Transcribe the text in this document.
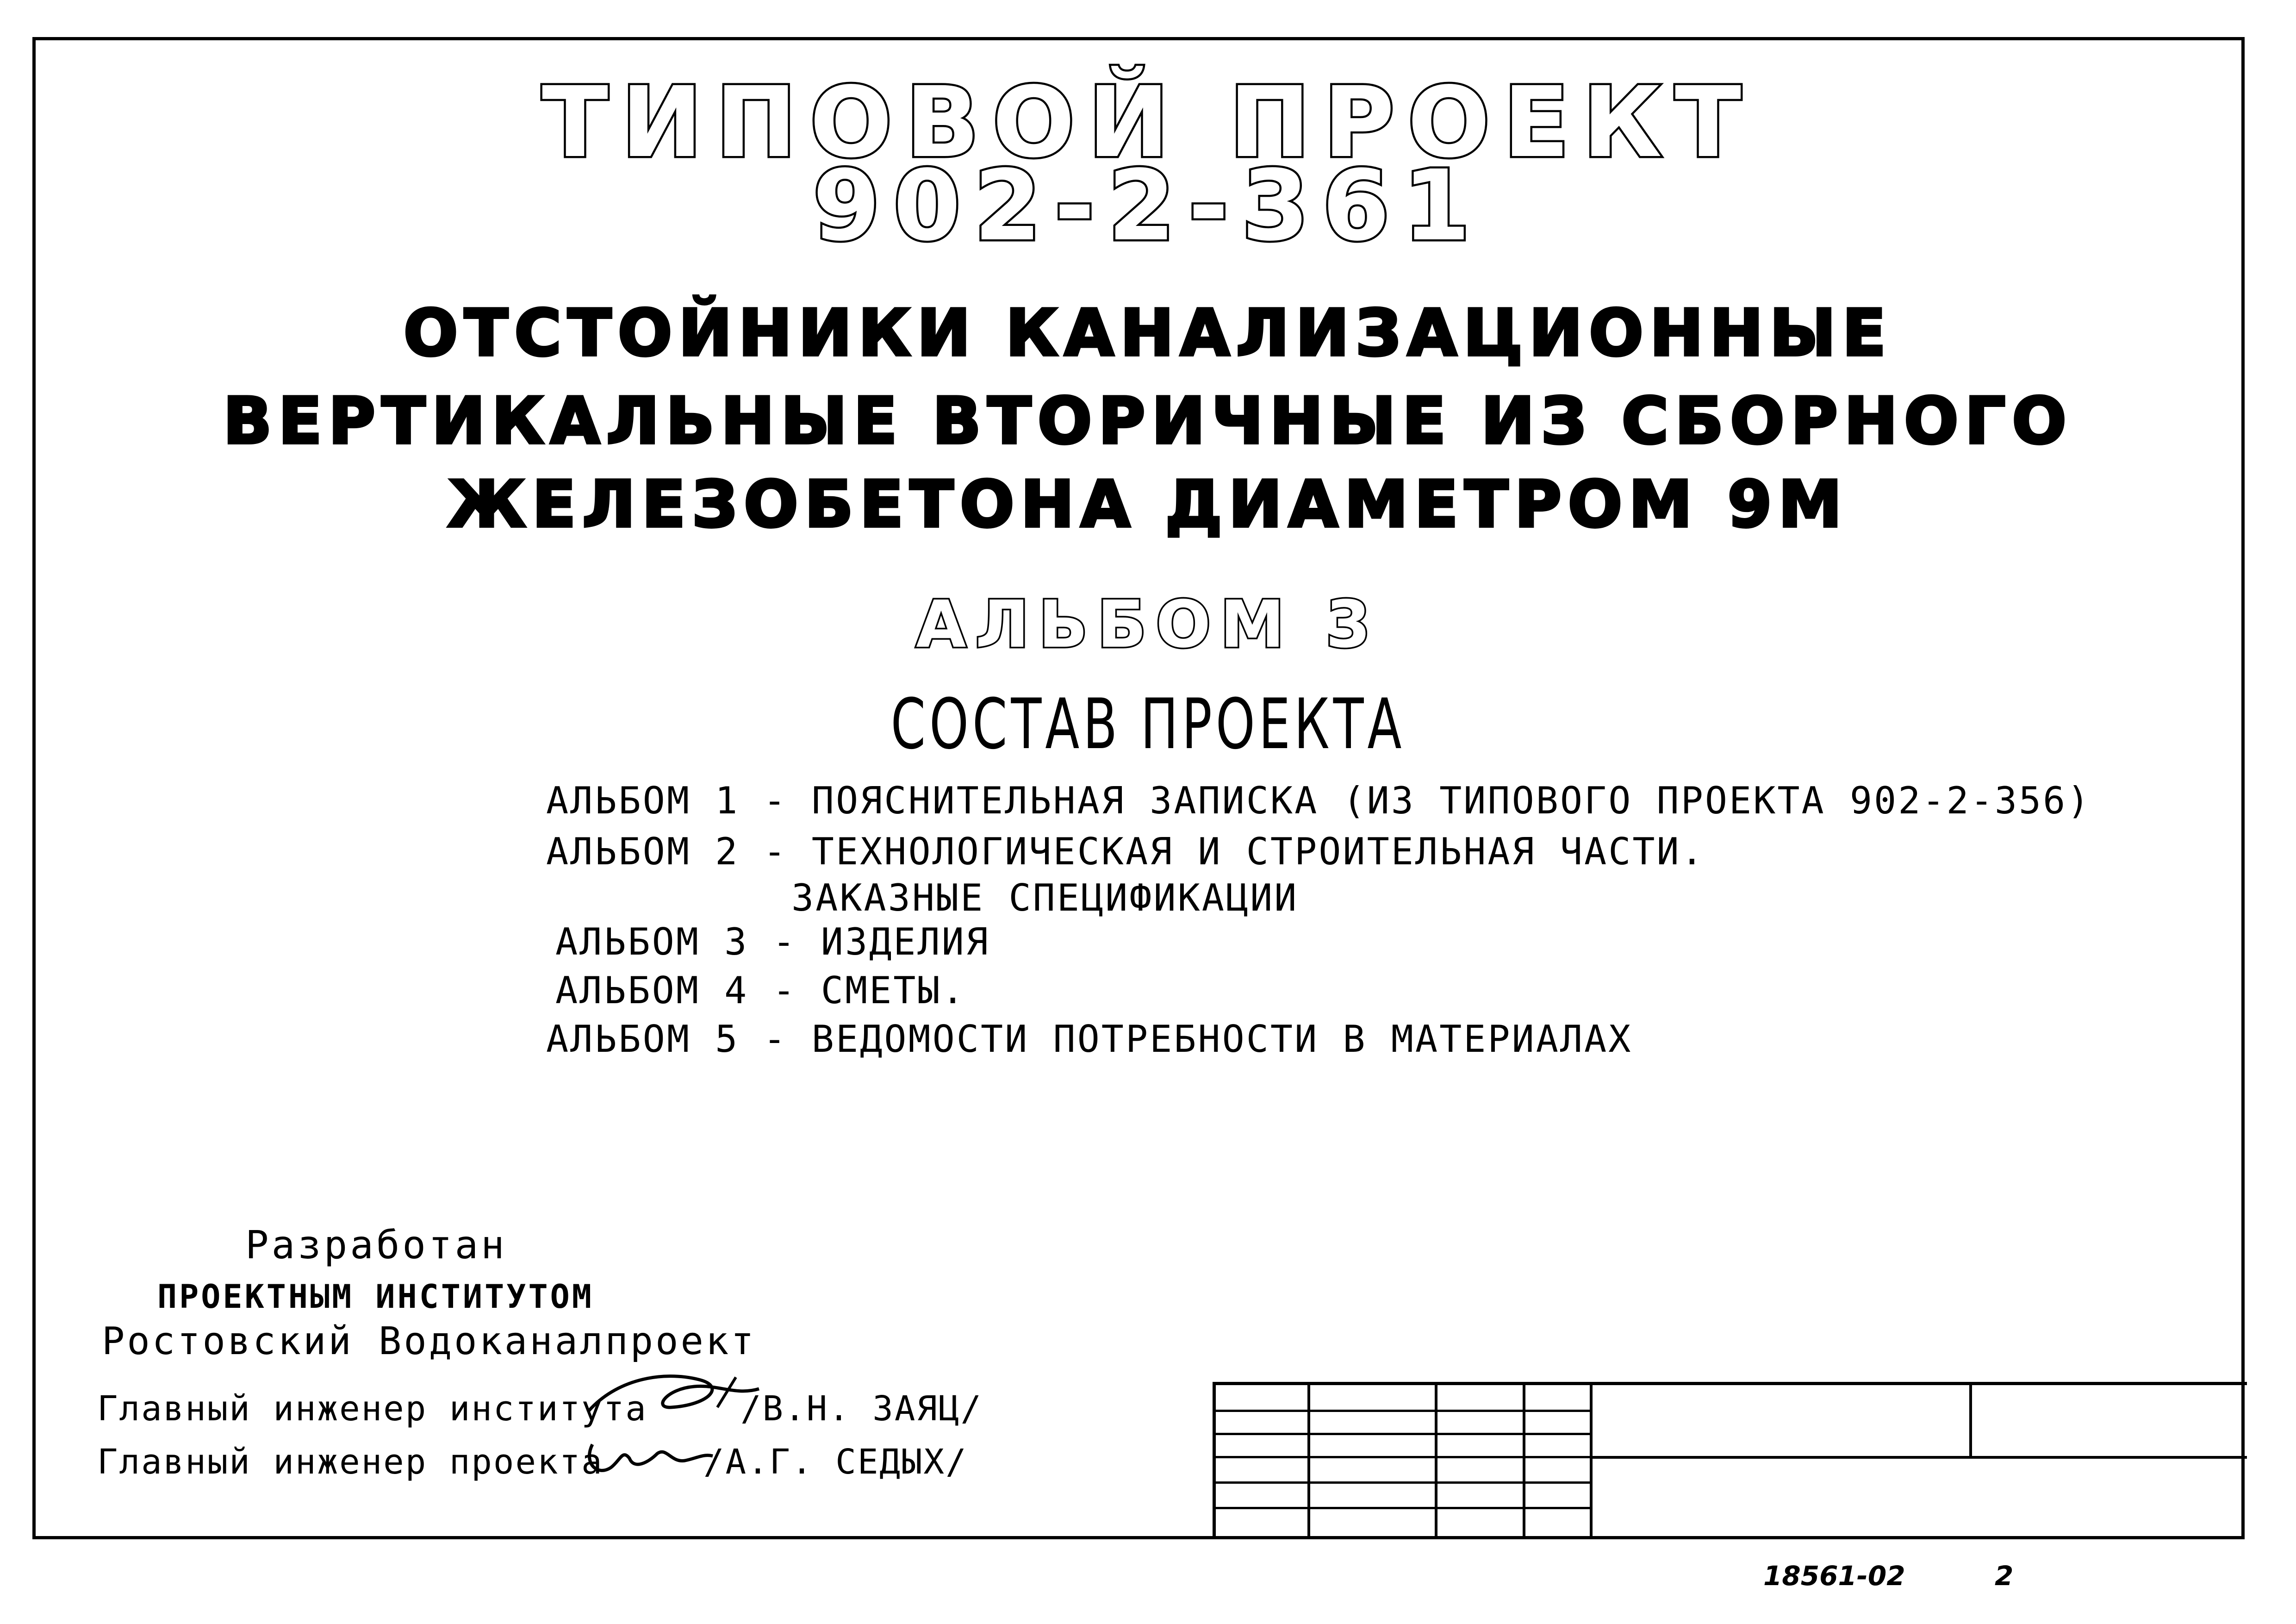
ТИПОВОЙ ПРОЕКТ
902-2-361
ОТСТОЙНИКИ КАНАЛИЗАЦИОННЫЕ
ВЕРТИКАЛЬНЫЕ ВТОРИЧНЫЕ ИЗ СБОРНОГО
ЖЕЛЕЗОБЕТОНА ДИАМЕТРОМ 9М
АЛЬБОМ 3
СОСТАВ ПРОЕКТА
АЛЬБОМ 1 - ПОЯСНИТЕЛЬНАЯ ЗАПИСКА (ИЗ ТИПОВОГО ПРОЕКТА 902-2-356)
АЛЬБОМ 2 - ТЕХНОЛОГИЧЕСКАЯ И СТРОИТЕЛЬНАЯ ЧАСТИ.
ЗАКАЗНЫЕ СПЕЦИФИКАЦИИ
АЛЬБОМ 3 - ИЗДЕЛИЯ
АЛЬБОМ 4 - СМЕТЫ.
АЛЬБОМ 5 - ВЕДОМОСТИ ПОТРЕБНОСТИ В МАТЕРИАЛАХ
Разработан
ПРОЕКТНЫМ ИНСТИТУТОМ
Ростовский Водоканалпроект
Главный инженер института	/В.Н. ЗАЯЦ/
Главный инженер проекта	/А.Г. СЕДЫХ/
18561-02	2
